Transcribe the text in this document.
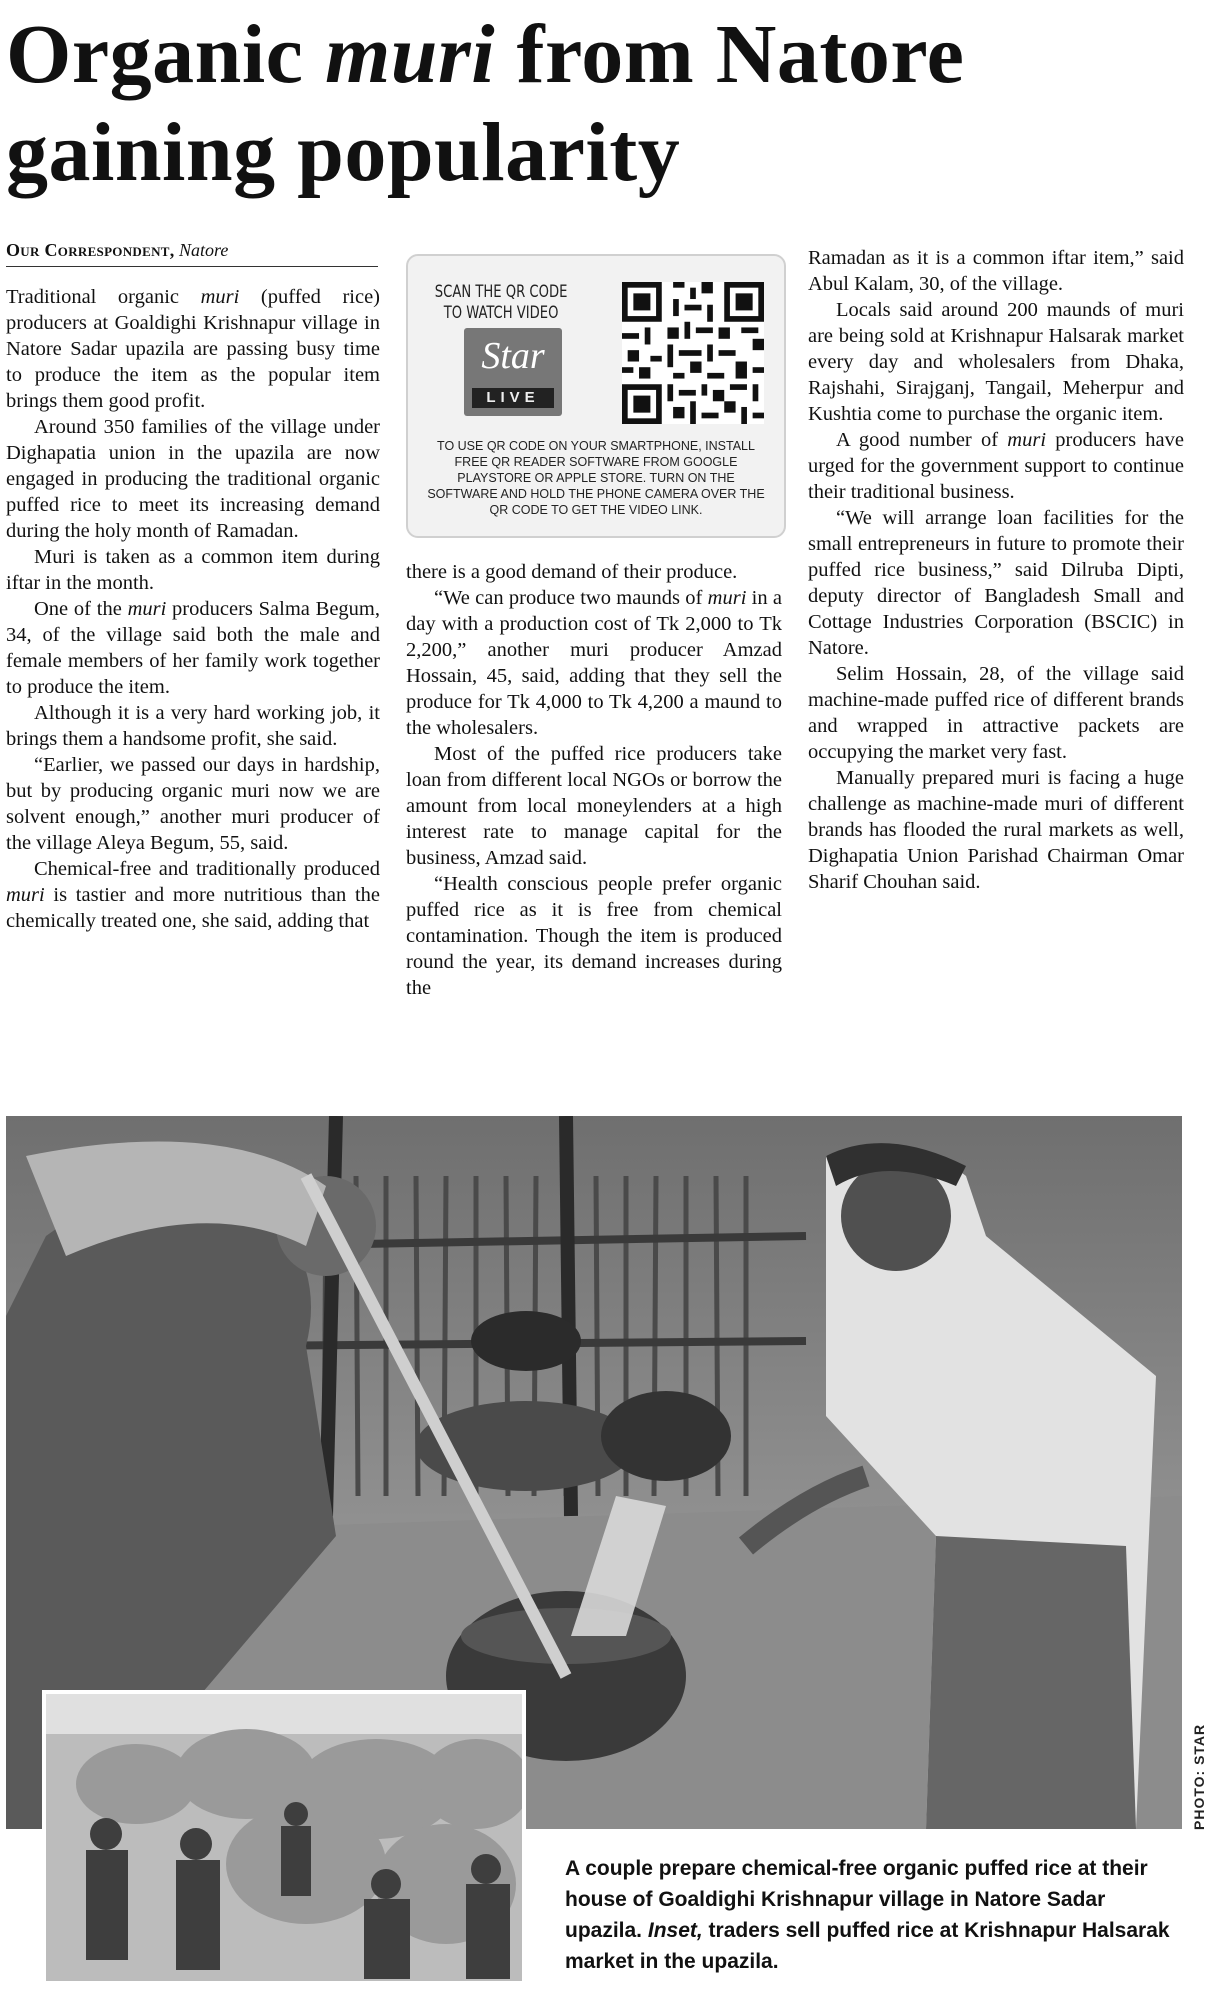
Organic muri from Natore gaining popularity
Our Correspondent, Natore

Traditional organic muri (puffed rice) producers at Goaldighi Krishnapur village in Natore Sadar upazila are passing busy time to produce the item as the popular item brings them good profit.

Around 350 families of the village under Dighapatia union in the upazila are now engaged in producing the traditional organic puffed rice to meet its increasing demand during the holy month of Ramadan.

Muri is taken as a common item during iftar in the month.

One of the muri producers Salma Begum, 34, of the village said both the male and female members of her family work together to produce the item.

Although it is a very hard working job, it brings them a handsome profit, she said.

“Earlier, we passed our days in hardship, but by producing organic muri now we are solvent enough,” another muri producer of the village Aleya Begum, 55, said.

Chemical-free and traditionally produced muri is tastier and more nutritious than the chemically treated one, she said, adding that

SCAN THE QR CODE TO WATCH VIDEO
Star
LIVE
TO USE QR CODE ON YOUR SMARTPHONE, INSTALL FREE QR READER SOFTWARE FROM GOOGLE PLAYSTORE OR APPLE STORE. TURN ON THE SOFTWARE AND HOLD THE PHONE CAMERA OVER THE QR CODE TO GET THE VIDEO LINK.

there is a good demand of their produce.

“We can produce two maunds of muri in a day with a production cost of Tk 2,000 to Tk 2,200,” another muri producer Amzad Hossain, 45, said, adding that they sell the produce for Tk 4,000 to Tk 4,200 a maund to the wholesalers.

Most of the puffed rice producers take loan from different local NGOs or borrow the amount from local moneylenders at a high interest rate to manage capital for the business, Amzad said.

“Health conscious people prefer organic puffed rice as it is free from chemical contamination. Though the item is produced round the year, its demand increases during the

Ramadan as it is a common iftar item,” said Abul Kalam, 30, of the village.

Locals said around 200 maunds of muri are being sold at Krishnapur Halsarak market every day and wholesalers from Dhaka, Rajshahi, Sirajganj, Tangail, Meherpur and Kushtia come to purchase the organic item.

A good number of muri producers have urged for the government support to continue their traditional business.

“We will arrange loan facilities for the small entrepreneurs in future to promote their puffed rice business,” said Dilruba Dipti, deputy director of Bangladesh Small and Cottage Industries Corporation (BSCIC) in Natore.

Selim Hossain, 28, of the village said machine-made puffed rice of different brands and wrapped in attractive packets are occupying the market very fast.

Manually prepared muri is facing a huge challenge as machine-made muri of different brands has flooded the rural markets as well, Dighapatia Union Parishad Chairman Omar Sharif Chouhan said.

PHOTO: STAR
A couple prepare chemical-free organic puffed rice at their house of Goaldighi Krishnapur village in Natore Sadar upazila. Inset, traders sell puffed rice at Krishnapur Halsarak market in the upazila.
